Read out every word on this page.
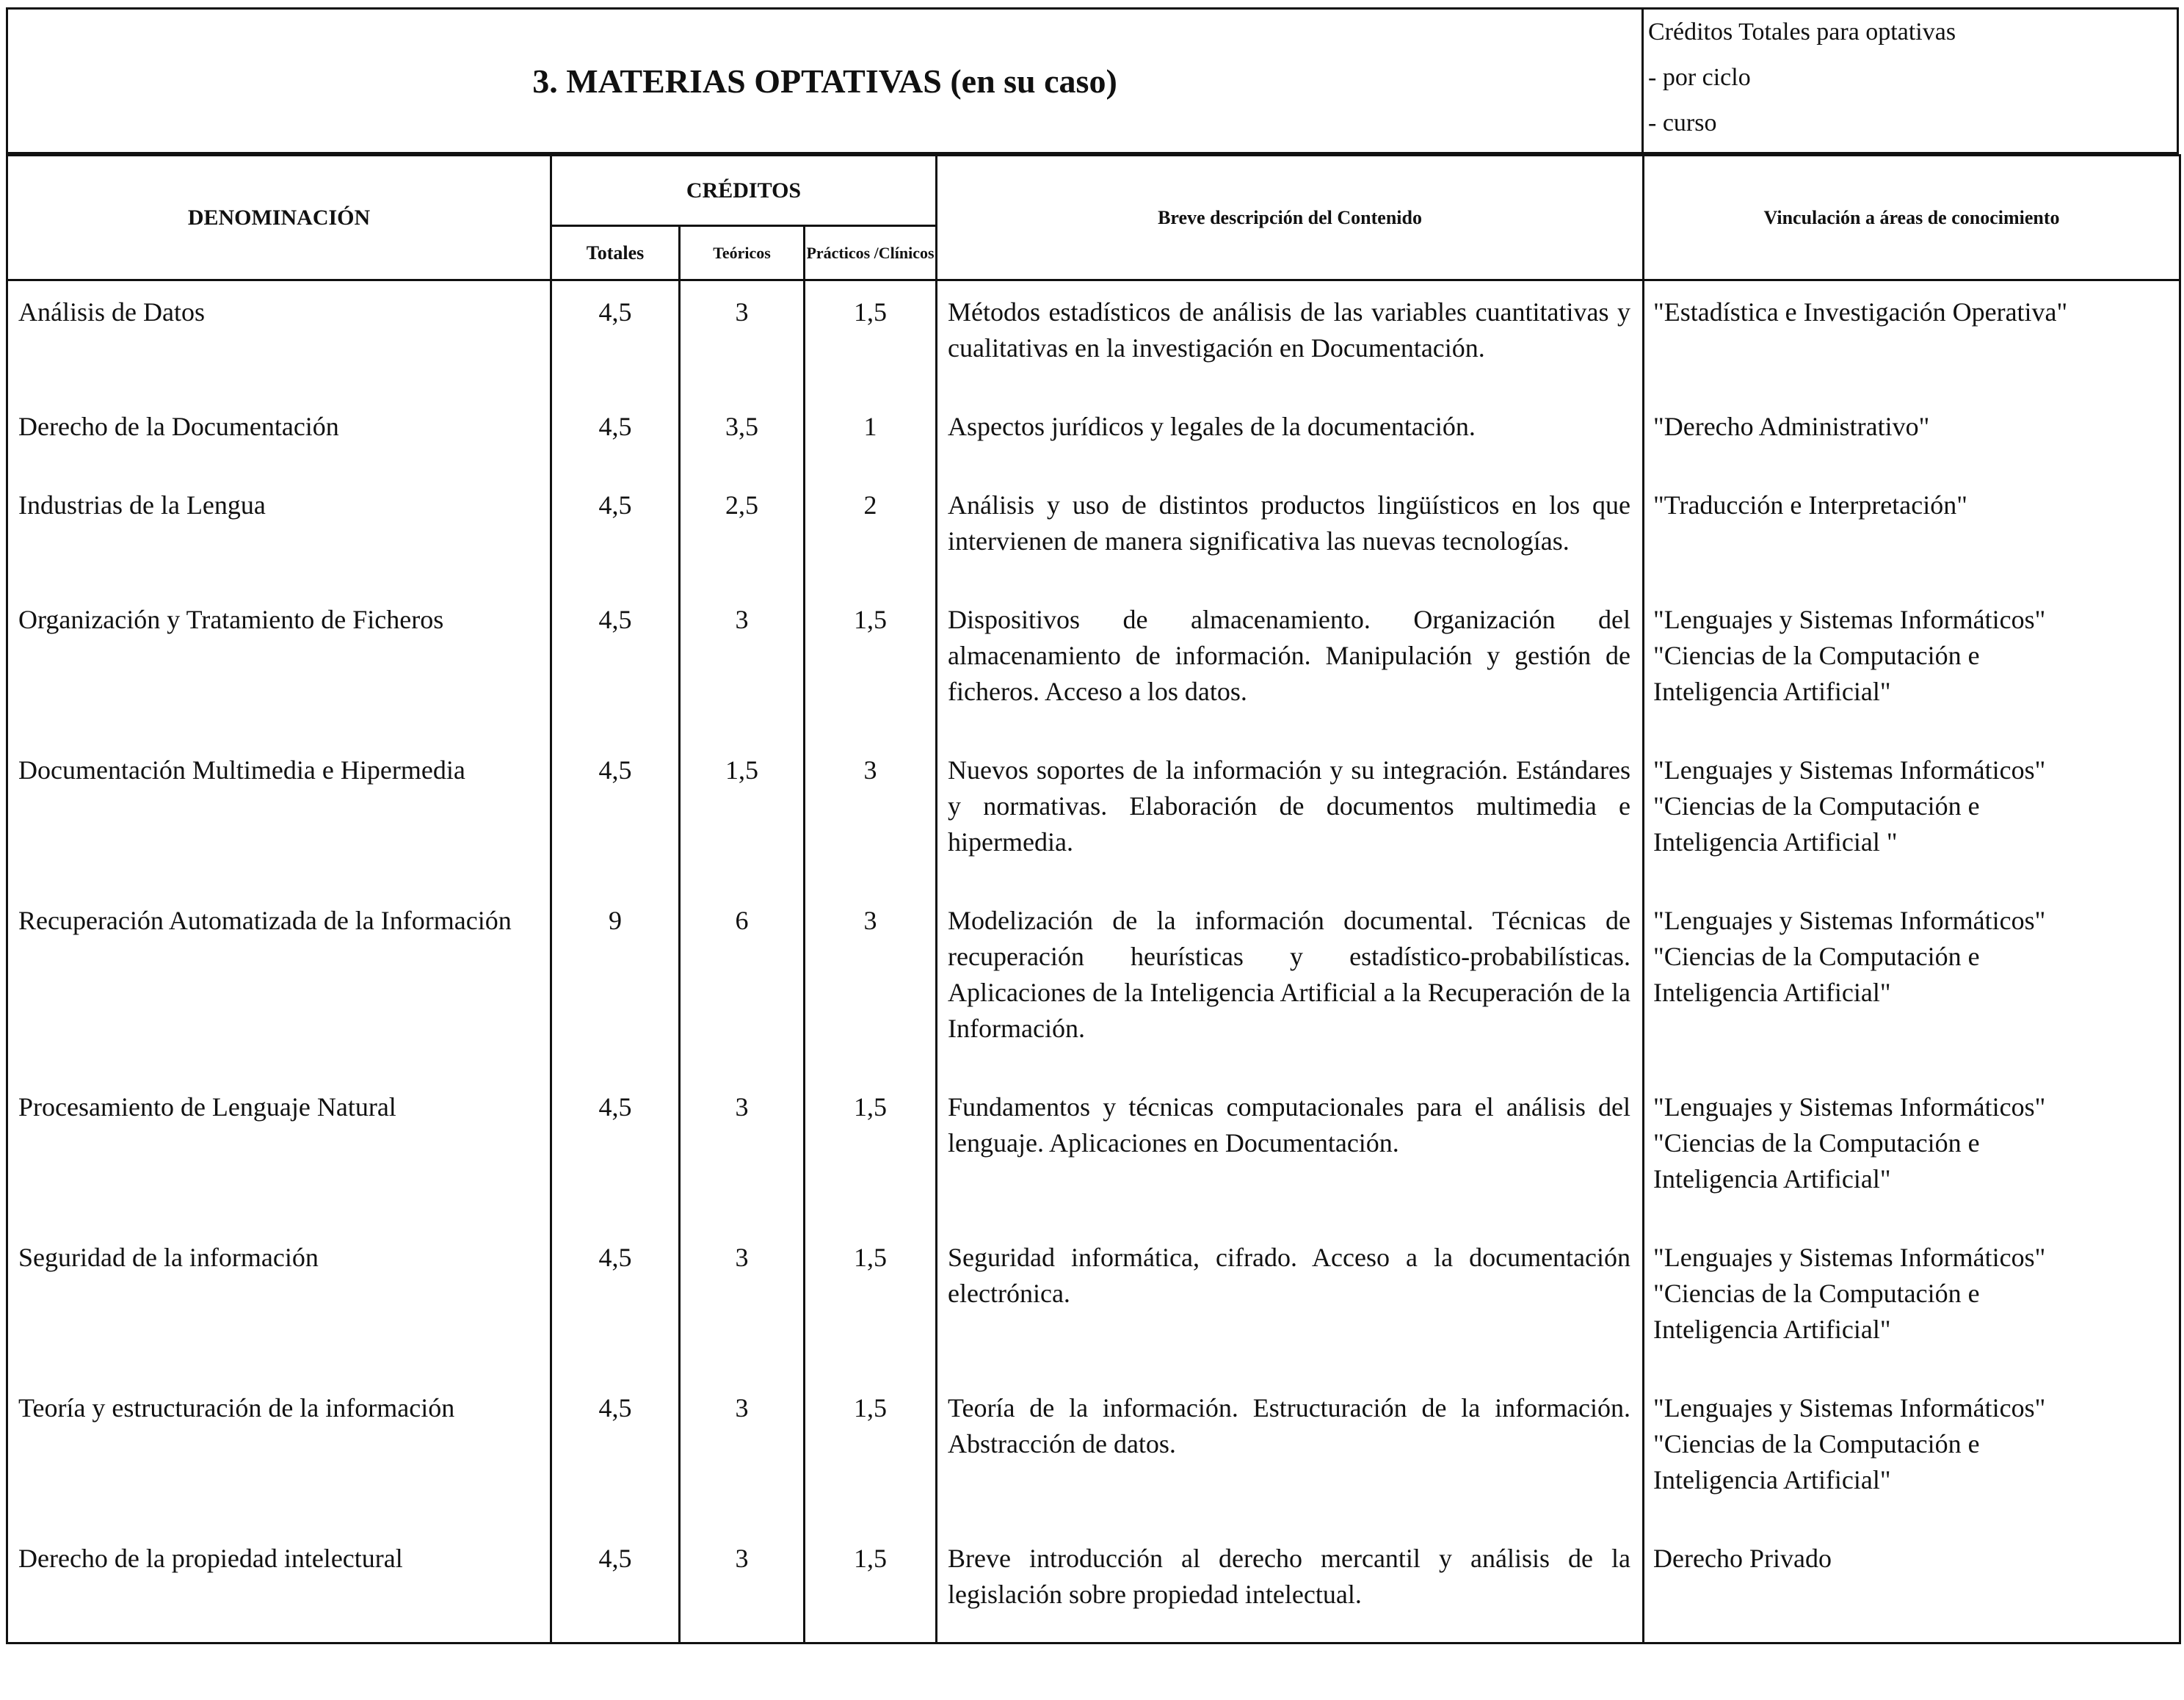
3. MATERIAS OPTATIVAS (en su caso)
Créditos Totales para optativas
- por ciclo
- curso
DENOMINACIÓN	CRÉDITOS			Breve descripción del Contenido	Vinculación a áreas de conocimiento
	Totales	Teóricos	Prácticos /Clínicos		
Análisis de Datos	4,5	3	1,5	Métodos estadísticos de análisis de las variables cuantitativas y cualitativas en la investigación en Documentación.	"Estadística e Investigación Operativa"

Derecho de la Documentación	4,5	3,5	1	Aspectos jurídicos y legales de la documentación.	"Derecho Administrativo"

Industrias de la Lengua	4,5	2,5	2	Análisis y uso de distintos productos lingüísticos en los que intervienen de manera significativa las nuevas tecnologías.	"Traducción e Interpretación"

Organización y Tratamiento de Ficheros	4,5	3	1,5	Dispositivos de almacenamiento. Organización del almacenamiento de información. Manipulación y gestión de ficheros. Acceso a los datos.	"Lenguajes y Sistemas Informáticos"
"Ciencias de la Computación e
Inteligencia Artificial"

Documentación Multimedia e Hipermedia	4,5	1,5	3	Nuevos soportes de la información y su integración. Estándares y normativas. Elaboración de documentos multimedia e hipermedia.	"Lenguajes y Sistemas Informáticos"
"Ciencias de la Computación e
Inteligencia Artificial "

Recuperación Automatizada de la Información	9	6	3	Modelización de la información documental. Técnicas de recuperación heurísticas y estadístico-probabilísticas. Aplicaciones de la Inteligencia Artificial a la Recuperación de la Información.	"Lenguajes y Sistemas Informáticos"
"Ciencias de la Computación e
Inteligencia Artificial"

Procesamiento de Lenguaje Natural	4,5	3	1,5	Fundamentos y técnicas computacionales para el análisis del lenguaje. Aplicaciones en Documentación.	"Lenguajes y Sistemas Informáticos"
"Ciencias de la Computación e
Inteligencia Artificial"

Seguridad de la información	4,5	3	1,5	Seguridad informática, cifrado. Acceso a la documentación electrónica.	"Lenguajes y Sistemas Informáticos"
"Ciencias de la Computación e
Inteligencia Artificial"

Teoría y estructuración de la información	4,5	3	1,5	Teoría de la información. Estructuración de la información. Abstracción de datos.	"Lenguajes y Sistemas Informáticos"
"Ciencias de la Computación e
Inteligencia Artificial"

Derecho de la propiedad intelectural	4,5	3	1,5	Breve introducción al derecho mercantil y análisis de la legislación sobre propiedad intelectual.	Derecho Privado
